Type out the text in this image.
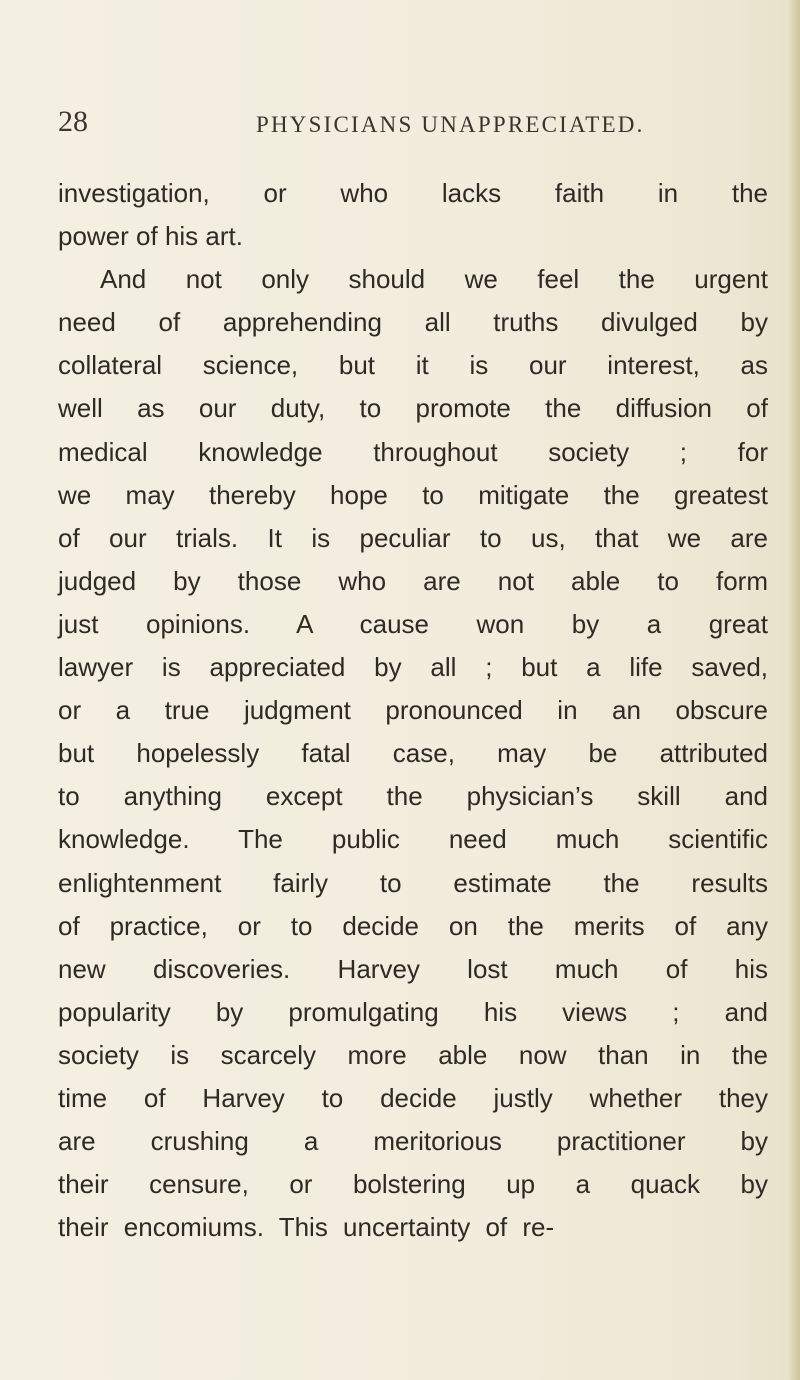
28	PHYSICIANS UNAPPRECIATED.
investigation, or who lacks faith in the
power of his art.
And not only should we feel the urgent
need of apprehending all truths divulged by
collateral science, but it is our interest, as
well as our duty, to promote the diffusion of
medical knowledge throughout society ; for
we may thereby hope to mitigate the greatest
of our trials. It is peculiar to us, that we are
judged by those who are not able to form
just opinions. A cause won by a great
lawyer is appreciated by all ; but a life saved,
or a true judgment pronounced in an obscure
but hopelessly fatal case, may be attributed
to anything except the physician’s skill and
knowledge. The public need much scientific
enlightenment fairly to estimate the results
of practice, or to decide on the merits of any
new discoveries. Harvey lost much of his
popularity by promulgating his views ; and
society is scarcely more able now than in the
time of Harvey to decide justly whether they
are crushing a meritorious practitioner by
their censure, or bolstering up a quack by
their encomiums. This uncertainty of re-
